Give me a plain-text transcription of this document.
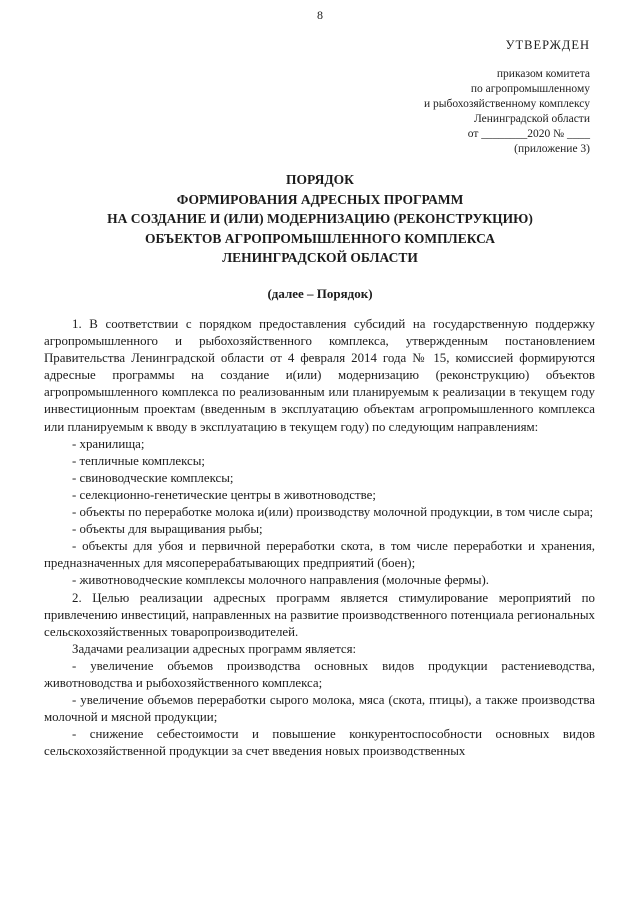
8
УТВЕРЖДЕН
приказом комитета
по агропромышленному
и рыбохозяйственному комплексу
Ленинградской области
от ________2020 № ____
(приложение 3)
ПОРЯДОК
ФОРМИРОВАНИЯ АДРЕСНЫХ ПРОГРАММ
НА СОЗДАНИЕ И (ИЛИ) МОДЕРНИЗАЦИЮ (РЕКОНСТРУКЦИЮ)
ОБЪЕКТОВ АГРОПРОМЫШЛЕННОГО КОМПЛЕКСА
ЛЕНИНГРАДСКОЙ ОБЛАСТИ
(далее – Порядок)

1. В соответствии с порядком предоставления субсидий на государственную поддержку агропромышленного и рыбохозяйственного комплекса, утвержденным постановлением Правительства Ленинградской области от 4 февраля 2014 года № 15, комиссией формируются адресные программы на создание и(или) модернизацию (реконструкцию) объектов агропромышленного комплекса по реализованным или планируемым к реализации в текущем году инвестиционным проектам (введенным в эксплуатацию объектам агропромышленного комплекса или планируемым к вводу в эксплуатацию в текущем году) по следующим направлениям:

- хранилища;

- тепличные комплексы;

- свиноводческие комплексы;

- селекционно-генетические центры в животноводстве;

- объекты по переработке молока и(или) производству молочной продукции, в том числе сыра;

- объекты для выращивания рыбы;

- объекты для убоя и первичной переработки скота, в том числе переработки и хранения, предназначенных для мясоперерабатывающих предприятий (боен);

- животноводческие комплексы молочного направления (молочные фермы).

2. Целью реализации адресных программ является стимулирование мероприятий по привлечению инвестиций, направленных на развитие производственного потенциала региональных сельскохозяйственных товаропроизводителей.

Задачами реализации адресных программ является:

- увеличение объемов производства основных видов продукции растениеводства, животноводства и рыбохозяйственного комплекса;

- увеличение объемов переработки сырого молока, мяса (скота, птицы), а также производства молочной и мясной продукции;

- снижение себестоимости и повышение конкурентоспособности основных видов сельскохозяйственной продукции за счет введения новых производственных
